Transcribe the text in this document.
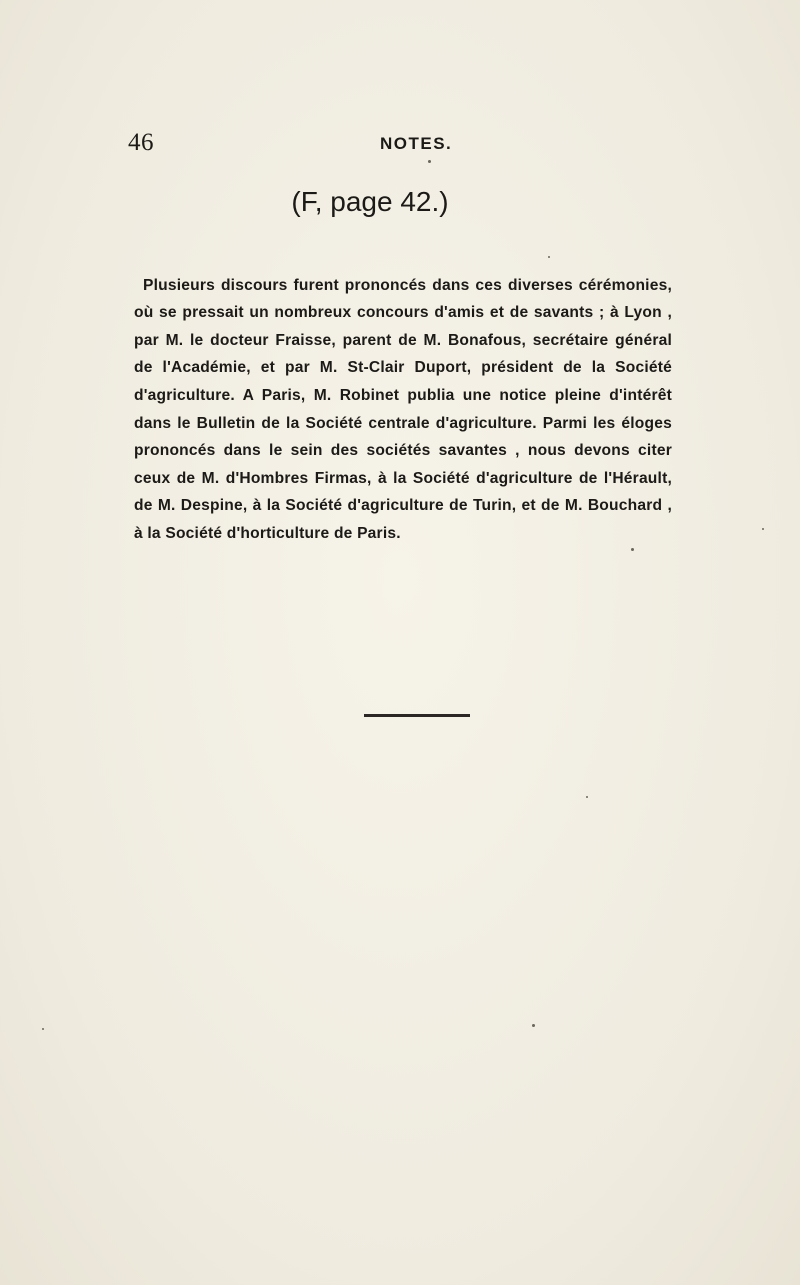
46	NOTES.
(F, page 42.)

Plusieurs discours furent prononcés dans ces diverses cérémonies, où se pressait un nombreux concours d'amis et de savants ; à Lyon , par M. le docteur Fraisse, parent de M. Bonafous, secrétaire général de l'Académie, et par M. St-Clair Duport, président de la Société d'agriculture. A Paris, M. Robinet publia une notice pleine d'intérêt dans le Bulletin de la Société centrale d'agriculture. Parmi les éloges prononcés dans le sein des sociétés savantes , nous devons citer ceux de M. d'Hombres Firmas, à la Société d'agriculture de l'Hérault, de M. Despine, à la Société d'agriculture de Turin, et de M. Bouchard , à la Société d'horticulture de Paris.
